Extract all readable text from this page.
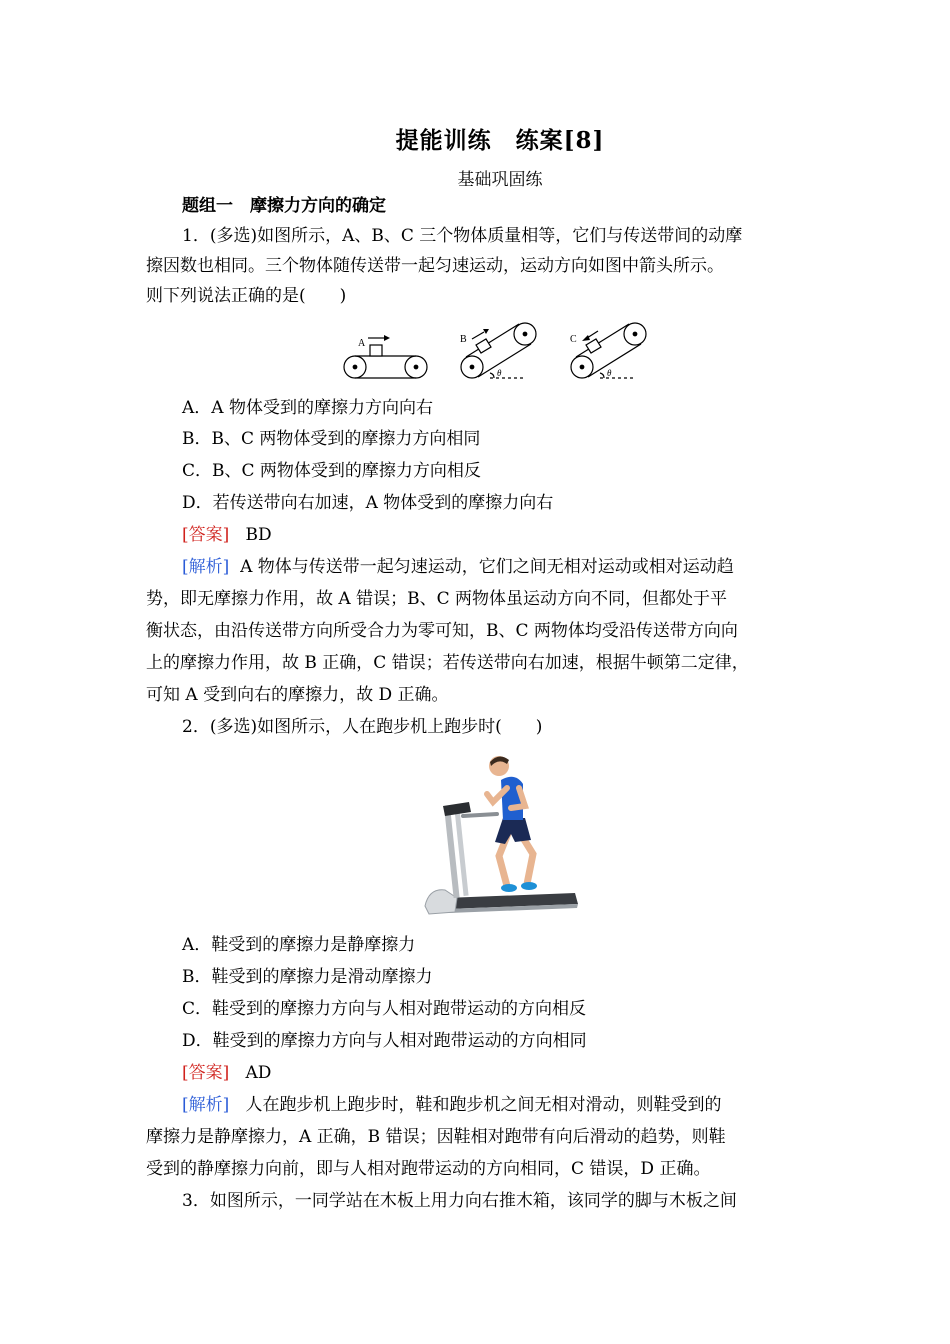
提能训练　练案[8]
基础巩固练
题组一　摩擦力方向的确定
1．(多选)如图所示，A、B、C 三个物体质量相等，它们与传送带间的动摩
擦因数也相同。三个物体随传送带一起匀速运动，运动方向如图中箭头所示。
则下列说法正确的是(　　)
A	B
θ
C
θ
A．A 物体受到的摩擦力方向向右
B．B、C 两物体受到的摩擦力方向相同
C．B、C 两物体受到的摩擦力方向相反
D．若传送带向右加速，A 物体受到的摩擦力向右
[答案] BD
[解析] A 物体与传送带一起匀速运动，它们之间无相对运动或相对运动趋
势，即无摩擦力作用，故 A 错误；B、C 两物体虽运动方向不同，但都处于平
衡状态，由沿传送带方向所受合力为零可知，B、C 两物体均受沿传送带方向向
上的摩擦力作用，故 B 正确，C 错误；若传送带向右加速，根据牛顿第二定律，
可知 A 受到向右的摩擦力，故 D 正确。
2．(多选)如图所示，人在跑步机上跑步时(　　)
A．鞋受到的摩擦力是静摩擦力
B．鞋受到的摩擦力是滑动摩擦力
C．鞋受到的摩擦力方向与人相对跑带运动的方向相反
D．鞋受到的摩擦力方向与人相对跑带运动的方向相同
[答案] AD
[解析] 人在跑步机上跑步时，鞋和跑步机之间无相对滑动，则鞋受到的
摩擦力是静摩擦力，A 正确，B 错误；因鞋相对跑带有向后滑动的趋势，则鞋
受到的静摩擦力向前，即与人相对跑带运动的方向相同，C 错误，D 正确。
3．如图所示，一同学站在木板上用力向右推木箱，该同学的脚与木板之间
